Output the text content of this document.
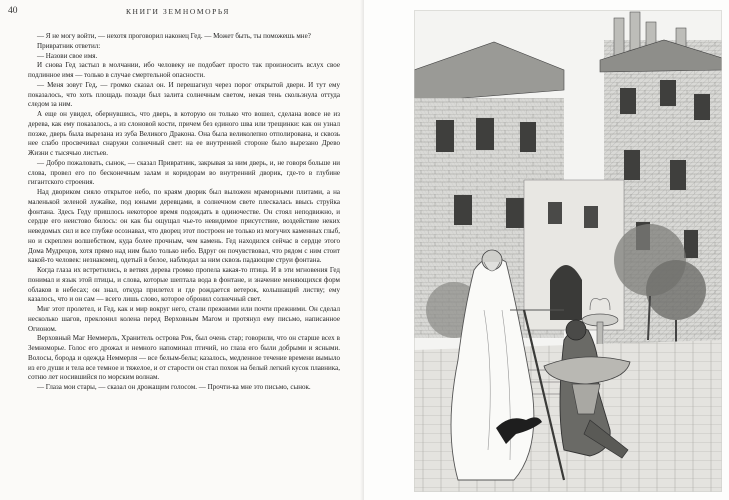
40	КНИГИ ЗЕМНОМОРЬЯ

— Я не могу войти, — нехотя проговорил наконец Гед. — Может быть, ты поможешь мне?

Привратник ответил:

— Назови свое имя.

И снова Гед застыл в молчании, ибо человеку не подобает просто так произносить вслух свое подлинное имя — только в случае смертельной опасности.

— Меня зовут Гед, — громко сказал он. И перешагнул через порог открытой двери. И тут ему показалось, что хоть площадь позади был залита солнечным светом, некая тень скользнула оттуда следом за ним.

А еще он увидел, обернувшись, что дверь, в которую он только что вошел, сделана вовсе не из дерева, как ему показалось, а из слоновой кости, причем без единого шва или трещинки: как он узнал позже, дверь была вырезана из зуба Великого Дракона. Она была великолепно отполирована, и сквозь нее слабо просвечивал снаружи солнечный свет: на ее внутренней стороне было вырезано Древо Жизни с тысячью листьев.

— Добро пожаловать, сынок, — сказал Привратник, закрывая за ним дверь, и, не говоря больше ни слова, провел его по бесконечным залам и коридорам во внутренний дворик, где-то в глубине гигантского строения.

Над двориком сияло открытое небо, по краям дворик был выложен мраморными плитами, а на маленькой зеленой лужайке, под юными деревцами, в солнечном свете плескалась ввысь струйка фонтана. Здесь Геду пришлось некоторое время подождать в одиночестве. Он стоял неподвижно, и сердце его неистово билось: он как бы ощущал чье-то невидимое присутствие, воздействие неких неведомых сил и все глубже осознавал, что дворец этот построен не только из могучих каменных глыб, но и скреплен волшебством, куда более прочным, чем камень. Гед находился сейчас в сердце этого Дома Мудрецов, хотя прямо над ним было только небо. Вдруг он почувствовал, что рядом с ним стоит какой-то человек: незнакомец, одетый в белое, наблюдал за ним сквозь падающие струи фонтана.

Когда глаза их встретились, в ветвях дерева громко пропела какая-то птица. И в эти мгновения Гед понимал и язык этой птицы, и слова, которые шептала вода в фонтане, и значение меняющихся форм облаков в небесах; он знал, откуда прилетел и где рождается ветерок, колышащий листву; ему казалось, что и он сам — всего лишь слово, которое обронил солнечный свет.

Миг этот пролетел, и Гед, как и мир вокруг него, стали прежними или почти прежними. Он сделал несколько шагов, преклонил колена перед Верховным Магом и протянул ему письмо, написанное Огионом.

Верховный Маг Неммерль, Хранитель острова Рок, был очень стар; говорили, что он старше всех в Земноморье. Голос его дрожал и немного напоминал птичий, но глаза его были добрыми и ясными. Волосы, борода и одежда Неммерля — все белым-белы; казалось, медленное течение времени вымыло из его души и тела все темное и тяжелое, и от старости он стал похож на белый легкий кусок плавника, сотню лет носившийся по морским волнам.

— Глаза мои стары, — сказал он дрожащим голосом. — Прочти-ка мне это письмо, сынок.
